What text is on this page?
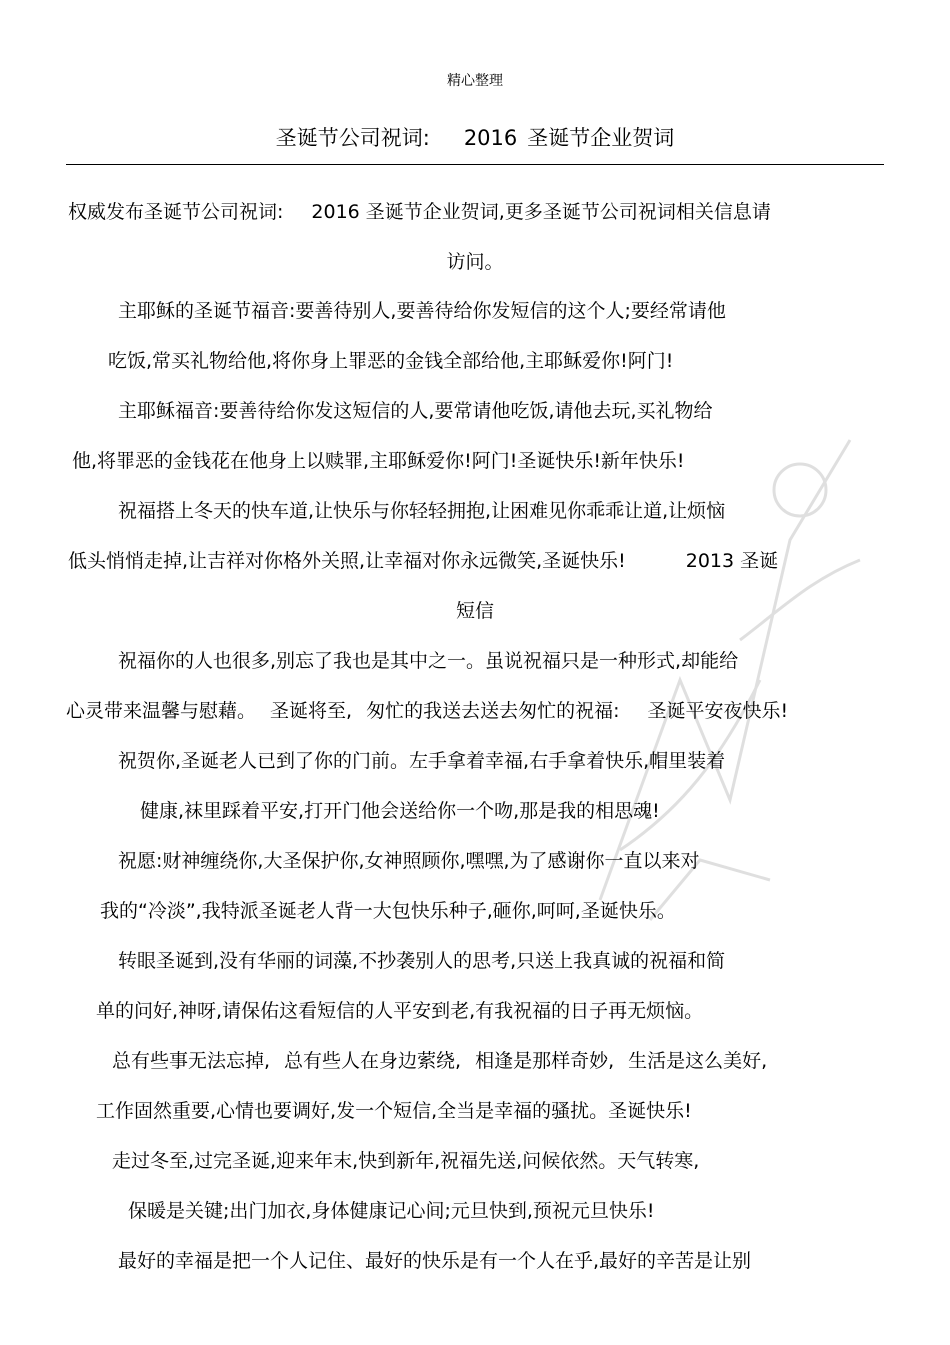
精心整理
圣诞节公司祝词: 2016 圣诞节企业贺词
权威发布圣诞节公司祝词: 2016 圣诞节企业贺词,更多圣诞节公司祝词相关信息请
访问。
主耶稣的圣诞节福音:要善待别人,要善待给你发短信的这个人;要经常请他
吃饭,常买礼物给他,将你身上罪恶的金钱全部给他,主耶稣爱你!阿门!
主耶稣福音:要善待给你发这短信的人,要常请他吃饭,请他去玩,买礼物给
他,将罪恶的金钱花在他身上以赎罪,主耶稣爱你!阿门!圣诞快乐!新年快乐!
祝福搭上冬天的快车道,让快乐与你轻轻拥抱,让困难见你乖乖让道,让烦恼
低头悄悄走掉,让吉祥对你格外关照,让幸福对你永远微笑,圣诞快乐!	2013 圣诞
短信
祝福你的人也很多,别忘了我也是其中之一。虽说祝福只是一种形式,却能给
心灵带来温馨与慰藉。 圣诞将至, 匆忙的我送去送去匆忙的祝福: 圣诞平安夜快乐!
祝贺你,圣诞老人已到了你的门前。左手拿着幸福,右手拿着快乐,帽里装着
健康,袜里踩着平安,打开门他会送给你一个吻,那是我的相思魂!
祝愿:财神缠绕你,大圣保护你,女神照顾你,嘿嘿,为了感谢你一直以来对
我的“冷淡”,我特派圣诞老人背一大包快乐种子,砸你,呵呵,圣诞快乐。
转眼圣诞到,没有华丽的词藻,不抄袭别人的思考,只送上我真诚的祝福和简
单的问好,神呀,请保佑这看短信的人平安到老,有我祝福的日子再无烦恼。
总有些事无法忘掉, 总有些人在身边萦绕, 相逢是那样奇妙, 生活是这么美好,
工作固然重要,心情也要调好,发一个短信,全当是幸福的骚扰。圣诞快乐!
走过冬至,过完圣诞,迎来年末,快到新年,祝福先送,问候依然。天气转寒,
保暖是关键;出门加衣,身体健康记心间;元旦快到,预祝元旦快乐!
最好的幸福是把一个人记住、最好的快乐是有一个人在乎,最好的辛苦是让别
